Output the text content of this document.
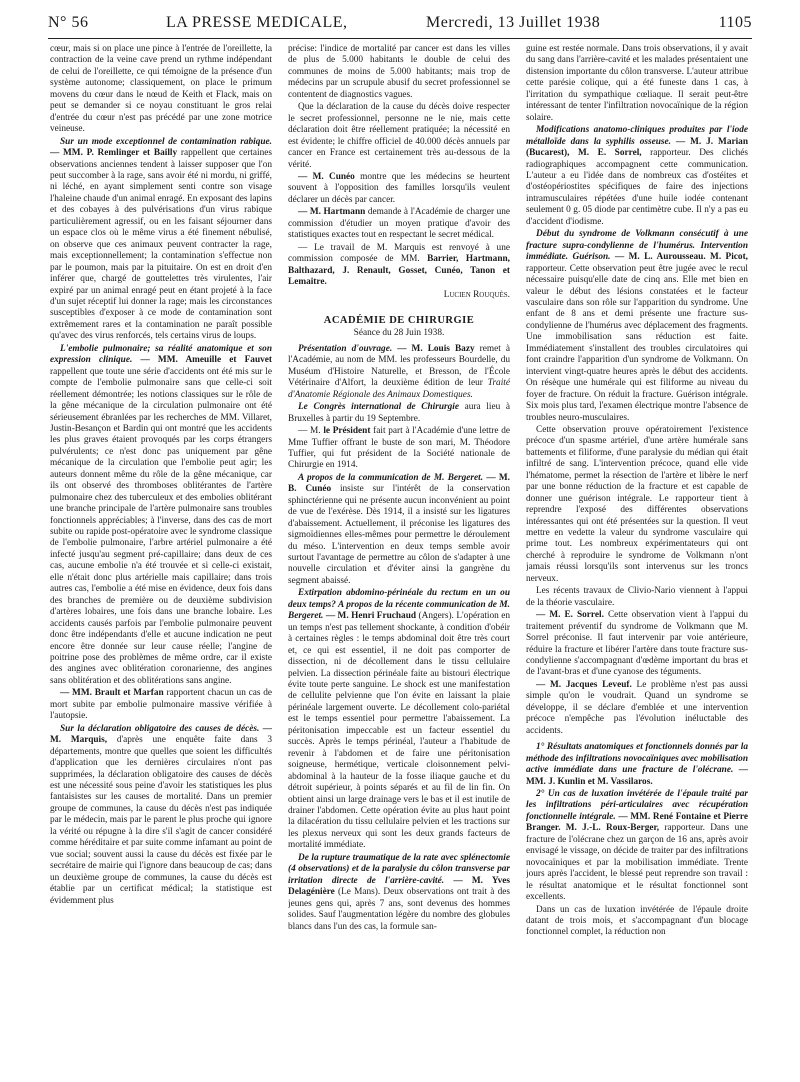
N° 56	LA PRESSE MEDICALE,	Mercredi, 13 Juillet 1938	1105

cœur, mais si on place une pince à l'entrée de l'oreillette, la contraction de la veine cave prend un rythme indépendant de celui de l'oreillette, ce qui témoigne de la présence d'un système autonome; classiquement, on place le primum movens du cœur dans le nœud de Keith et Flack, mais on peut se demander si ce noyau constituant le gros relai d'entrée du cœur n'est pas précédé par une zone motrice veineuse.

Sur un mode exceptionnel de contamination rabique. — MM. P. Remlinger et Bailly rappellent que certaines observations anciennes tendent à laisser supposer que l'on peut succomber à la rage, sans avoir été ni mordu, ni griffé, ni léché, en ayant simplement senti contre son visage l'haleine chaude d'un animal enragé. En exposant des lapins et des cobayes à des pulvérisations d'un virus rabique particulièrement agressif, ou en les faisant séjourner dans un espace clos où le même virus a été finement nébulisé, on observe que ces animaux peuvent contracter la rage, mais exceptionnellement; la contamination s'effectue non par le poumon, mais par la pituitaire. On est en droit d'en inférer que, chargé de gouttelettes très virulentes, l'air expiré par un animal enragé peut en étant projeté à la face d'un sujet réceptif lui donner la rage; mais les circonstances susceptibles d'exposer à ce mode de contamination sont extrêmement rares et la contamination ne paraît possible qu'avec des virus renforcés, tels certains virus de loups.

L'embolie pulmonaire; sa réalité anatomique et son expression clinique. — MM. Ameuille et Fauvet rappellent que toute une série d'accidents ont été mis sur le compte de l'embolie pulmonaire sans que celle-ci soit réellement démontrée; les notions classiques sur le rôle de la gêne mécanique de la circulation pulmonaire ont été sérieusement ébranlées par les recherches de MM. Villaret, Justin-Besançon et Bardin qui ont montré que les accidents les plus graves étaient provoqués par les corps étrangers pulvérulents; ce n'est donc pas uniquement par gêne mécanique de la circulation que l'embolie peut agir; les auteurs donnent même du rôle de la gêne mécanique, car ils ont observé des thromboses oblitérantes de l'artère pulmonaire chez des tuberculeux et des embolies oblitérant une branche principale de l'artère pulmonaire sans troubles fonctionnels appréciables; à l'inverse, dans des cas de mort subite ou rapide post-opératoire avec le syndrome classique de l'embolie pulmonaire, l'arbre artériel pulmonaire a été infecté jusqu'au segment pré-capillaire; dans deux de ces cas, aucune embolie n'a été trouvée et si celle-ci existait, elle n'était donc plus artérielle mais capillaire; dans trois autres cas, l'embolie a été mise en évidence, deux fois dans des branches de première ou de deuxième subdivision d'artères lobaires, une fois dans une branche lobaire. Les accidents causés parfois par l'embolie pulmonaire peuvent donc être indépendants d'elle et aucune indication ne peut encore être donnée sur leur cause réelle; l'angine de poitrine pose des problèmes de même ordre, car il existe des angines avec oblitération coronarienne, des angines sans oblitération et des oblitérations sans angine.

— MM. Brault et Marfan rapportent chacun un cas de mort subite par embolie pulmonaire massive vérifiée à l'autopsie.

Sur la déclaration obligatoire des causes de décès. — M. Marquis, d'après une enquête faite dans 3 départements, montre que quelles que soient les difficultés d'application que les dernières circulaires n'ont pas supprimées, la déclaration obligatoire des causes de décès est une nécessité sous peine d'avoir les statistiques les plus fantaisistes sur les causes de mortalité. Dans un premier groupe de communes, la cause du décès n'est pas indiquée par le médecin, mais par le parent le plus proche qui ignore la vérité ou répugne à la dire s'il s'agit de cancer considéré comme héréditaire et par suite comme infamant au point de vue social; souvent aussi la cause du décès est fixée par le secrétaire de mairie qui l'ignore dans beaucoup de cas; dans un deuxième groupe de communes, la cause du décès est établie par un certificat médical; la statistique est évidemment plus

précise: l'indice de mortalité par cancer est dans les villes de plus de 5.000 habitants le double de celui des communes de moins de 5.000 habitants; mais trop de médecins par un scrupule abusif du secret professionnel se contentent de diagnostics vagues.

Que la déclaration de la cause du décès doive respecter le secret professionnel, personne ne le nie, mais cette déclaration doit être réellement pratiquée; la nécessité en est évidente; le chiffre officiel de 40.000 décès annuels par cancer en France est certainement très au-dessous de la vérité.

— M. Cunéo montre que les médecins se heurtent souvent à l'opposition des familles lorsqu'ils veulent déclarer un décès par cancer.

— M. Hartmann demande à l'Académie de charger une commission d'étudier un moyen pratique d'avoir des statistiques exactes tout en respectant le secret médical.

— Le travail de M. Marquis est renvoyé à une commission composée de MM. Barrier, Hartmann, Balthazard, J. Renault, Gosset, Cunéo, Tanon et Lemaitre.

Lucien Rouquès.
ACADÉMIE DE CHIRURGIE
Séance du 28 Juin 1938.

Présentation d'ouvrage. — M. Louis Bazy remet à l'Académie, au nom de MM. les professeurs Bourdelle, du Muséum d'Histoire Naturelle, et Bresson, de l'École Vétérinaire d'Alfort, la deuxième édition de leur Traité d'Anatomie Régionale des Animaux Domestiques.

Le Congrès international de Chirurgie aura lieu à Bruxelles à partir du 19 Septembre.

— M. le Président fait part à l'Académie d'une lettre de Mme Tuffier offrant le buste de son mari, M. Théodore Tuffier, qui fut président de la Société nationale de Chirurgie en 1914.

A propos de la communication de M. Bergeret. — M. B. Cunéo insiste sur l'intérêt de la conservation sphinctérienne qui ne présente aucun inconvénient au point de vue de l'exérèse. Dès 1914, il a insisté sur les ligatures d'abaissement. Actuellement, il préconise les ligatures des sigmoïdiennes elles-mêmes pour permettre le déroulement du méso. L'intervention en deux temps semble avoir surtout l'avantage de permettre au côlon de s'adapter à une nouvelle circulation et d'éviter ainsi la gangrène du segment abaissé.

Extirpation abdomino-périnéale du rectum en un ou deux temps? A propos de la récente communication de M. Bergeret. — M. Henri Fruchaud (Angers). L'opération en un temps n'est pas tellement shockante, à condition d'obéir à certaines règles : le temps abdominal doit être très court et, ce qui est essentiel, il ne doit pas comporter de dissection, ni de décollement dans le tissu cellulaire pelvien. La dissection périnéale faite au bistouri électrique évite toute perte sanguine. Le shock est une manifestation de cellulite pelvienne que l'on évite en laissant la plaie périnéale largement ouverte. Le décollement colo-pariétal est le temps essentiel pour permettre l'abaissement. La péritonisation impeccable est un facteur essentiel du succès. Après le temps périnéal, l'auteur a l'habitude de revenir à l'abdomen et de faire une péritonisation soigneuse, hermétique, verticale cloisonnement pelvi-abdominal à la hauteur de la fosse iliaque gauche et du détroit supérieur, à points séparés et au fil de lin fin. On obtient ainsi un large drainage vers le bas et il est inutile de drainer l'abdomen. Cette opération évite au plus haut point la dilacération du tissu cellulaire pelvien et les tractions sur les plexus nerveux qui sont les deux grands facteurs de mortalité immédiate.

De la rupture traumatique de la rate avec splénectomie (4 observations) et de la paralysie du côlon transverse par irritation directe de l'arrière-cavité. — M. Yves Delagénière (Le Mans). Deux observations ont trait à des jeunes gens qui, après 7 ans, sont devenus des hommes solides. Sauf l'augmentation légère du nombre des globules blancs dans l'un des cas, la formule san-

guine est restée normale. Dans trois observations, il y avait du sang dans l'arrière-cavité et les malades présentaient une distension importante du côlon transverse. L'auteur attribue cette parésie colique, qui a été funeste dans 1 cas, à l'irritation du sympathique cœliaque. Il serait peut-être intéressant de tenter l'infiltration novocaïnique de la région solaire.

Modifications anatomo-cliniques produites par l'iode métalloïde dans la syphilis osseuse. — M. J. Marian (Bucarest), M. E. Sorrel, rapporteur. Des clichés radiographiques accompagnent cette communication. L'auteur a eu l'idée dans de nombreux cas d'ostéites et d'ostéopériostites spécifiques de faire des injections intramusculaires répétées d'une huile iodée contenant seulement 0 g. 05 diode par centimètre cube. Il n'y a pas eu d'accident d'iodisme.

Début du syndrome de Volkmann consécutif à une fracture supra-condylienne de l'humérus. Intervention immédiate. Guérison. — M. L. Aurousseau. M. Picot, rapporteur. Cette observation peut être jugée avec le recul nécessaire puisqu'elle date de cinq ans. Elle met bien en valeur le début des lésions constatées et le facteur vasculaire dans son rôle sur l'apparition du syndrome. Une enfant de 8 ans et demi présente une fracture sus-condylienne de l'humérus avec déplacement des fragments. Une immobilisation sans réduction est faite. Immédiatement s'installent des troubles circulatoires qui font craindre l'apparition d'un syndrome de Volkmann. On intervient vingt-quatre heures après le début des accidents. On résèque une humérale qui est filiforme au niveau du foyer de fracture. On réduit la fracture. Guérison intégrale. Six mois plus tard, l'examen électrique montre l'absence de troubles neuro-musculaires.

Cette observation prouve opératoirement l'existence précoce d'un spasme artériel, d'une artère humérale sans battements et filiforme, d'une paralysie du médian qui était infiltré de sang. L'intervention précoce, quand elle vide l'hématome, permet la résection de l'artère et libère le nerf par une bonne réduction de la fracture et est capable de donner une guérison intégrale. Le rapporteur tient à reprendre l'exposé des différentes observations intéressantes qui ont été présentées sur la question. Il veut mettre en vedette la valeur du syndrome vasculaire qui prime tout. Les nombreux expérimentateurs qui ont cherché à reproduire le syndrome de Volkmann n'ont jamais réussi lorsqu'ils sont intervenus sur les troncs nerveux.

Les récents travaux de Clivio-Nario viennent à l'appui de la théorie vasculaire.

— M. E. Sorrel. Cette observation vient à l'appui du traitement préventif du syndrome de Volkmann que M. Sorrel préconise. Il faut intervenir par voie antérieure, réduire la fracture et libérer l'artère dans toute fracture sus-condylienne s'accompagnant d'œdème important du bras et de l'avant-bras et d'une cyanose des téguments.

— M. Jacques Leveuf. Le problème n'est pas aussi simple qu'on le voudrait. Quand un syndrome se développe, il se déclare d'emblée et une intervention précoce n'empêche pas l'évolution inéluctable des accidents.

1° Résultats anatomiques et fonctionnels donnés par la méthode des infiltrations novocaïniques avec mobilisation active immédiate dans une fracture de l'olécrane. — MM. J. Kunlin et M. Vassilaros.

2° Un cas de luxation invétérée de l'épaule traité par les infiltrations péri-articulaires avec récupération fonctionnelle intégrale. — MM. René Fontaine et Pierre Branger. M. J.-L. Roux-Berger, rapporteur. Dans une fracture de l'olécrane chez un garçon de 16 ans, après avoir envisagé le vissage, on décide de traiter par des infiltrations novocaïniques et par la mobilisation immédiate. Trente jours après l'accident, le blessé peut reprendre son travail : le résultat anatomique et le résultat fonctionnel sont excellents.

Dans un cas de luxation invétérée de l'épaule droite datant de trois mois, et s'accompagnant d'un blocage fonctionnel complet, la réduction non
